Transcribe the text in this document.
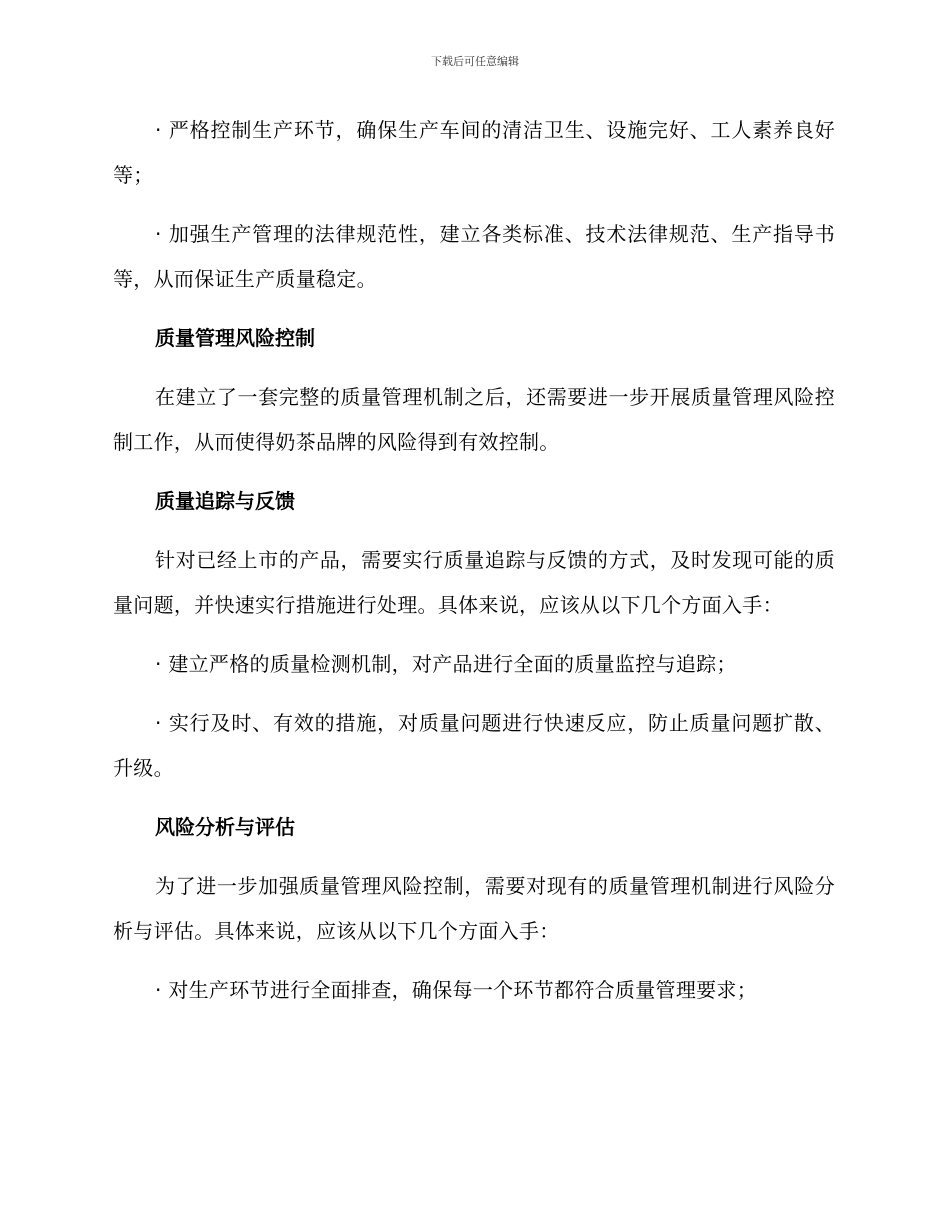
下载后可任意编辑

· 严格控制生产环节，确保生产车间的清洁卫生、设施完好、工人素养良好等；

· 加强生产管理的法律规范性，建立各类标准、技术法律规范、生产指导书等，从而保证生产质量稳定。

质量管理风险控制

在建立了一套完整的质量管理机制之后，还需要进一步开展质量管理风险控制工作，从而使得奶茶品牌的风险得到有效控制。

质量追踪与反馈

针对已经上市的产品，需要实行质量追踪与反馈的方式，及时发现可能的质量问题，并快速实行措施进行处理。具体来说，应该从以下几个方面入手：

· 建立严格的质量检测机制，对产品进行全面的质量监控与追踪；

· 实行及时、有效的措施，对质量问题进行快速反应，防止质量问题扩散、升级。

风险分析与评估

为了进一步加强质量管理风险控制，需要对现有的质量管理机制进行风险分析与评估。具体来说，应该从以下几个方面入手：

· 对生产环节进行全面排查，确保每一个环节都符合质量管理要求；
